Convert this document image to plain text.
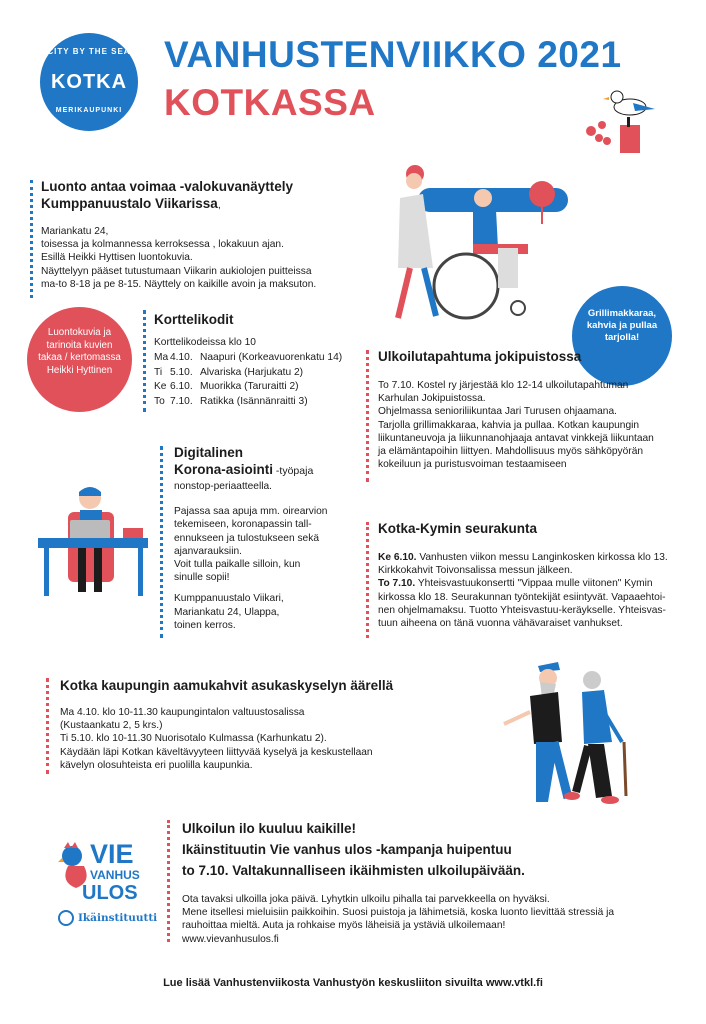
CITY BY THE SEA
KOTKA
MERIKAUPUNKI
VANHUSTENVIIKKO 2021
KOTKASSA
Luonto antaa voimaa -valokuvanäyttely
Kumppanuustalo Viikarissa,
Mariankatu 24,
toisessa ja kolmannessa kerroksessa , lokakuun ajan.
Esillä Heikki Hyttisen luontokuvia.
Näyttelyyn pääset tutustumaan Viikarin aukiolojen puitteissa
ma-to 8-18 ja pe 8-15. Näyttely on kaikille avoin ja maksuton.
Grillimakkaraa,
kahvia ja pullaa
tarjolla!
Luontokuvia ja
tarinoita kuvien
takaa / kertomassa
Heikki Hyttinen
Korttelikodit
Korttelikodeissa klo 10
Ma 4.10. Naapuri (Korkeavuorenkatu 14)
Ti 5.10. Alvariska (Harjukatu 2)
Ke 6.10. Muorikka (Taruraitti 2)
To 7.10. Ratikka (Isännänraitti 3)
Ulkoilutapahtuma jokipuistossa
To 7.10. Kostel ry järjestää klo 12-14 ulkoilutapahtuman
Karhulan Jokipuistossa.
Ohjelmassa senioriliikuntaa Jari Turusen ohjaamana.
Tarjolla grillimakkaraa, kahvia ja pullaa. Kotkan kaupungin
liikuntaneuvoja ja liikunnanohjaaja antavat vinkkejä liikuntaan
ja elämäntapoihin liittyen. Mahdollisuus myös sähköpyörän
kokeiluun ja puristusvoiman testaamiseen
Digitalinen
Korona-asiointi -työpaja
nonstop-periaatteella.
Pajassa saa apuja mm. oirearvion
tekemiseen, koronapassin tall-
ennukseen ja tulostukseen sekä
ajanvarauksiin.
Voit tulla paikalle silloin, kun
sinulle sopii!
Kumppanuustalo Viikari,
Mariankatu 24, Ulappa,
toinen kerros.
Kotka-Kymin seurakunta
Ke 6.10. Vanhusten viikon messu Langinkosken kirkossa klo 13.
Kirkkokahvit Toivonsalissa messun jälkeen.
To 7.10. Yhteisvastuukonsertti "Vippaa mulle viitonen" Kymin
kirkossa klo 18. Seurakunnan työntekijät esiintyvät. Vapaaehtoi-
nen ohjelmamaksu. Tuotto Yhteisvastuu-keräykselle. Yhteisvas-
tuun aiheena on tänä vuonna vähävaraiset vanhukset.
Kotka kaupungin aamukahvit asukaskyselyn äärellä
Ma 4.10. klo 10-11.30 kaupungintalon valtuustosalissa
(Kustaankatu 2, 5 krs.)
Ti 5.10. klo 10-11.30 Nuorisotalo Kulmassa (Karhunkatu 2).
Käydään läpi Kotkan käveltävyyteen liittyvää kyselyä ja keskustellaan
kävelyn olosuhteista eri puolilla kaupunkia.
VIE
VANHUS
ULOS
Ikäinstituutti
Ulkoilun ilo kuuluu kaikille!
Ikäinstituutin Vie vanhus ulos -kampanja huipentuu
to 7.10. Valtakunnalliseen ikäihmisten ulkoilupäivään.
Ota tavaksi ulkoilla joka päivä. Lyhytkin ulkoilu pihalla tai parvekkeella on hyväksi.
Mene itsellesi mieluisiin paikkoihin. Suosi puistoja ja lähimetsiä, koska luonto lievittää stressiä ja
rauhoittaa mieltä. Auta ja rohkaise myös läheisiä ja ystäviä ulkoilemaan!
www.vievanhusulos.fi
Lue lisää Vanhustenviikosta Vanhustyön keskusliiton sivuilta www.vtkl.fi
